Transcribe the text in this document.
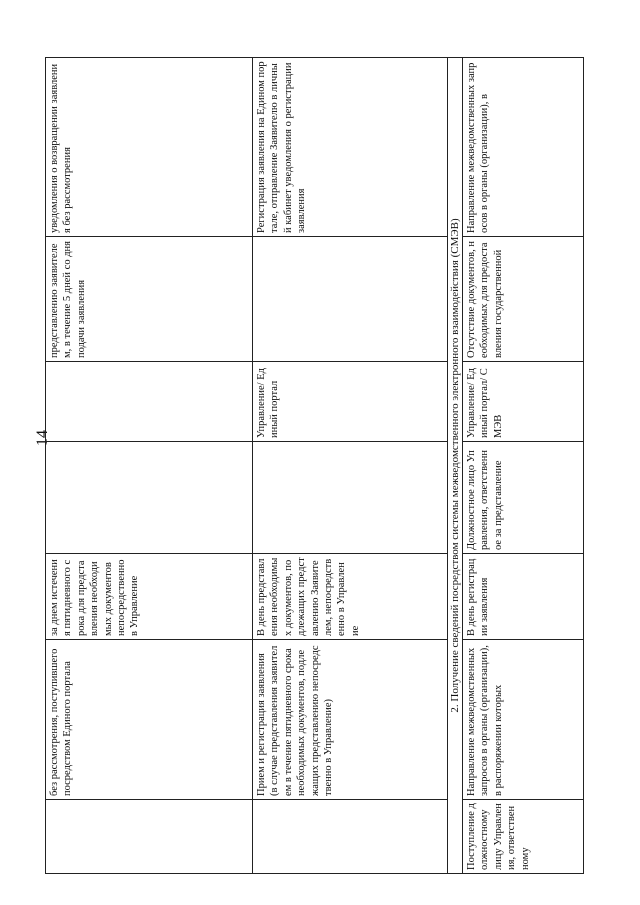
14

	без рассмотрения, поступившего посредством Единого портала	за днем истечения пятидневного срока для представления необходимых документов непосредственно в Управление			представлению заявителем, в течение 5 дней со дня подачи заявления	уведомления о возвращении заявления без рассмотрения

	Прием и регистрация заявления (в случае представления заявителем в течение пятидневного срока необходимых документов, подлежащих представлению непосредственно в Управление)	В день представления необходимых документов, подлежащих представлению Заявителем, непосредственно в Управление		Управление/ Единый портал		Регистрация заявления на Едином портале, отправление Заявителю в личный кабинет уведомления о регистрации заявления

2. Получение сведений посредством системы межведомственного электронного взаимодействия (СМЭВ)						

Поступление должностному лицу Управления, ответственному	Направление межведомственных запросов в органы (организации), в распоряжении которых	В день регистрации заявления	Должностное лицо Управления, ответственное за представление	Управление/ Единый портал/ СМЭВ	Отсутствие документов, необходимых для предоставления государственной	Направление межведомственных запросов в органы (организации), в
